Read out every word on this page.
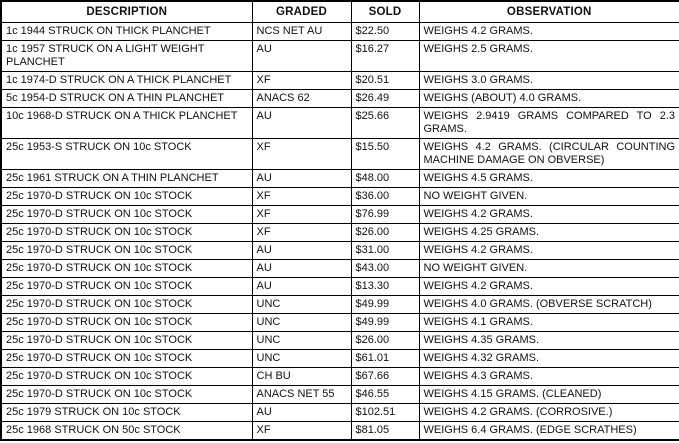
DESCRIPTION	GRADED	SOLD	OBSERVATION
1c 1944 STRUCK ON THICK PLANCHET	NCS NET AU	$22.50	WEIGHS 4.2 GRAMS.
1c 1957 STRUCK ON A LIGHT WEIGHT PLANCHET	AU	$16.27	WEIGHS 2.5 GRAMS.
1c 1974-D STRUCK ON A THICK PLANCHET	XF	$20.51	WEIGHS 3.0 GRAMS.
5c 1954-D STRUCK ON A THIN PLANCHET	ANACS 62	$26.49	WEIGHS (ABOUT) 4.0 GRAMS.
10c 1968-D STRUCK ON A THICK PLANCHET	AU	$25.66	WEIGHS 2.9419 GRAMS COMPARED TO 2.3 GRAMS.
25c 1953-S STRUCK ON 10c STOCK	XF	$15.50	WEIGHS 4.2 GRAMS. (CIRCULAR COUNTING MACHINE DAMAGE ON OBVERSE)
25c 1961 STRUCK ON A THIN PLANCHET	AU	$48.00	WEIGHS 4.5 GRAMS.
25c 1970-D STRUCK ON 10c STOCK	XF	$36.00	NO WEIGHT GIVEN.
25c 1970-D STRUCK ON 10c STOCK	XF	$76.99	WEIGHS 4.2 GRAMS.
25c 1970-D STRUCK ON 10c STOCK	XF	$26.00	WEIGHS 4.25 GRAMS.
25c 1970-D STRUCK ON 10c STOCK	AU	$31.00	WEIGHS 4.2 GRAMS.
25c 1970-D STRUCK ON 10c STOCK	AU	$43.00	NO WEIGHT GIVEN.
25c 1970-D STRUCK ON 10c STOCK	AU	$13.30	WEIGHS 4.2 GRAMS.
25c 1970-D STRUCK ON 10c STOCK	UNC	$49.99	WEIGHS 4.0 GRAMS. (OBVERSE SCRATCH)
25c 1970-D STRUCK ON 10c STOCK	UNC	$49.99	WEIGHS 4.1 GRAMS.
25c 1970-D STRUCK ON 10c STOCK	UNC	$26.00	WEIGHS 4.35 GRAMS.
25c 1970-D STRUCK ON 10c STOCK	UNC	$61.01	WEIGHS 4.32 GRAMS.
25c 1970-D STRUCK ON 10c STOCK	CH BU	$67.66	WEIGHS 4.3 GRAMS.
25c 1970-D STRUCK ON 10c STOCK	ANACS NET 55	$46.55	WEIGHS 4.15 GRAMS. (CLEANED)
25c 1979 STRUCK ON 10c STOCK	AU	$102.51	WEIGHS 4.2 GRAMS. (CORROSIVE.)
25c 1968 STRUCK ON 50c STOCK	XF	$81.05	WEIGHS 6.4 GRAMS. (EDGE SCRATHES)
